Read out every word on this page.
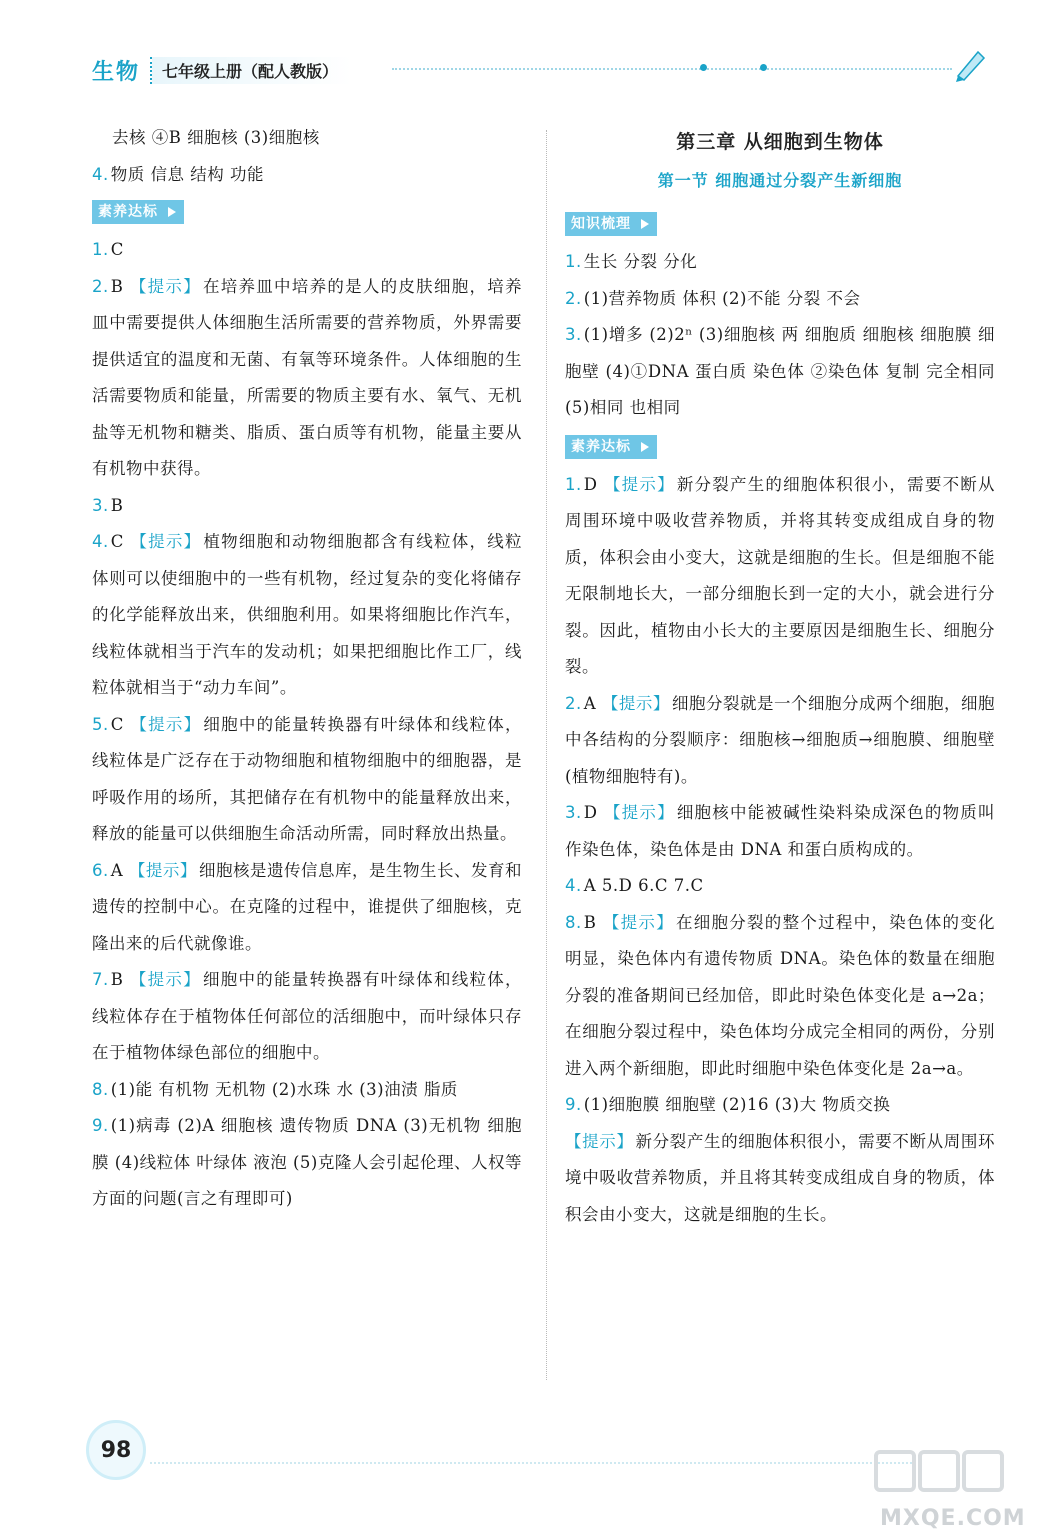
生物	七年级上册（配人教版）

去核 ④B 细胞核 (3)细胞核

4. 物质 信息 结构 功能

素养达标

1. C

2. B 【提示】 在培养皿中培养的是人的皮肤细胞，培养皿中需要提供人体细胞生活所需要的营养物质，外界需要提供适宜的温度和无菌、有氧等环境条件。人体细胞的生活需要物质和能量，所需要的物质主要有水、氧气、无机盐等无机物和糖类、脂质、蛋白质等有机物，能量主要从有机物中获得。

3. B

4. C 【提示】 植物细胞和动物细胞都含有线粒体，线粒体则可以使细胞中的一些有机物，经过复杂的变化将储存的化学能释放出来，供细胞利用。如果将细胞比作汽车，线粒体就相当于汽车的发动机；如果把细胞比作工厂，线粒体就相当于“动力车间”。

5. C 【提示】 细胞中的能量转换器有叶绿体和线粒体，线粒体是广泛存在于动物细胞和植物细胞中的细胞器，是呼吸作用的场所，其把储存在有机物中的能量释放出来，释放的能量可以供细胞生命活动所需，同时释放出热量。

6. A 【提示】 细胞核是遗传信息库，是生物生长、发育和遗传的控制中心。在克隆的过程中，谁提供了细胞核，克隆出来的后代就像谁。

7. B 【提示】 细胞中的能量转换器有叶绿体和线粒体，线粒体存在于植物体任何部位的活细胞中，而叶绿体只存在于植物体绿色部位的细胞中。

8. (1)能 有机物 无机物 (2)水珠 水 (3)油渍 脂质

9. (1)病毒 (2)A 细胞核 遗传物质 DNA (3)无机物 细胞膜 (4)线粒体 叶绿体 液泡 (5)克隆人会引起伦理、人权等方面的问题(言之有理即可)

第三章 从细胞到生物体
第一节 细胞通过分裂产生新细胞
知识梳理

1. 生长 分裂 分化

2. (1)营养物质 体积 (2)不能 分裂 不会

3. (1)增多 (2)2ⁿ (3)细胞核 两 细胞质 细胞核 细胞膜 细胞壁 (4)①DNA 蛋白质 染色体 ②染色体 复制 完全相同 (5)相同 也相同

素养达标

1. D 【提示】 新分裂产生的细胞体积很小，需要不断从周围环境中吸收营养物质，并将其转变成组成自身的物质，体积会由小变大，这就是细胞的生长。但是细胞不能无限制地长大，一部分细胞长到一定的大小，就会进行分裂。因此，植物由小长大的主要原因是细胞生长、细胞分裂。

2. A 【提示】 细胞分裂就是一个细胞分成两个细胞，细胞中各结构的分裂顺序：细胞核→细胞质→细胞膜、细胞壁(植物细胞特有)。

3. D 【提示】 细胞核中能被碱性染料染成深色的物质叫作染色体，染色体是由 DNA 和蛋白质构成的。

4. A 5.D 6.C 7.C

8. B 【提示】 在细胞分裂的整个过程中，染色体的变化明显，染色体内有遗传物质 DNA。染色体的数量在细胞分裂的准备期间已经加倍，即此时染色体变化是 a→2a；在细胞分裂过程中，染色体均分成完全相同的两份，分别进入两个新细胞，即此时细胞中染色体变化是 2a→a。

9. (1)细胞膜 细胞壁 (2)16 (3)大 物质交换

【提示】 新分裂产生的细胞体积很小，需要不断从周围环境中吸收营养物质，并且将其转变成组成自身的物质，体积会由小变大，这就是细胞的生长。

98
MXQE.COM
